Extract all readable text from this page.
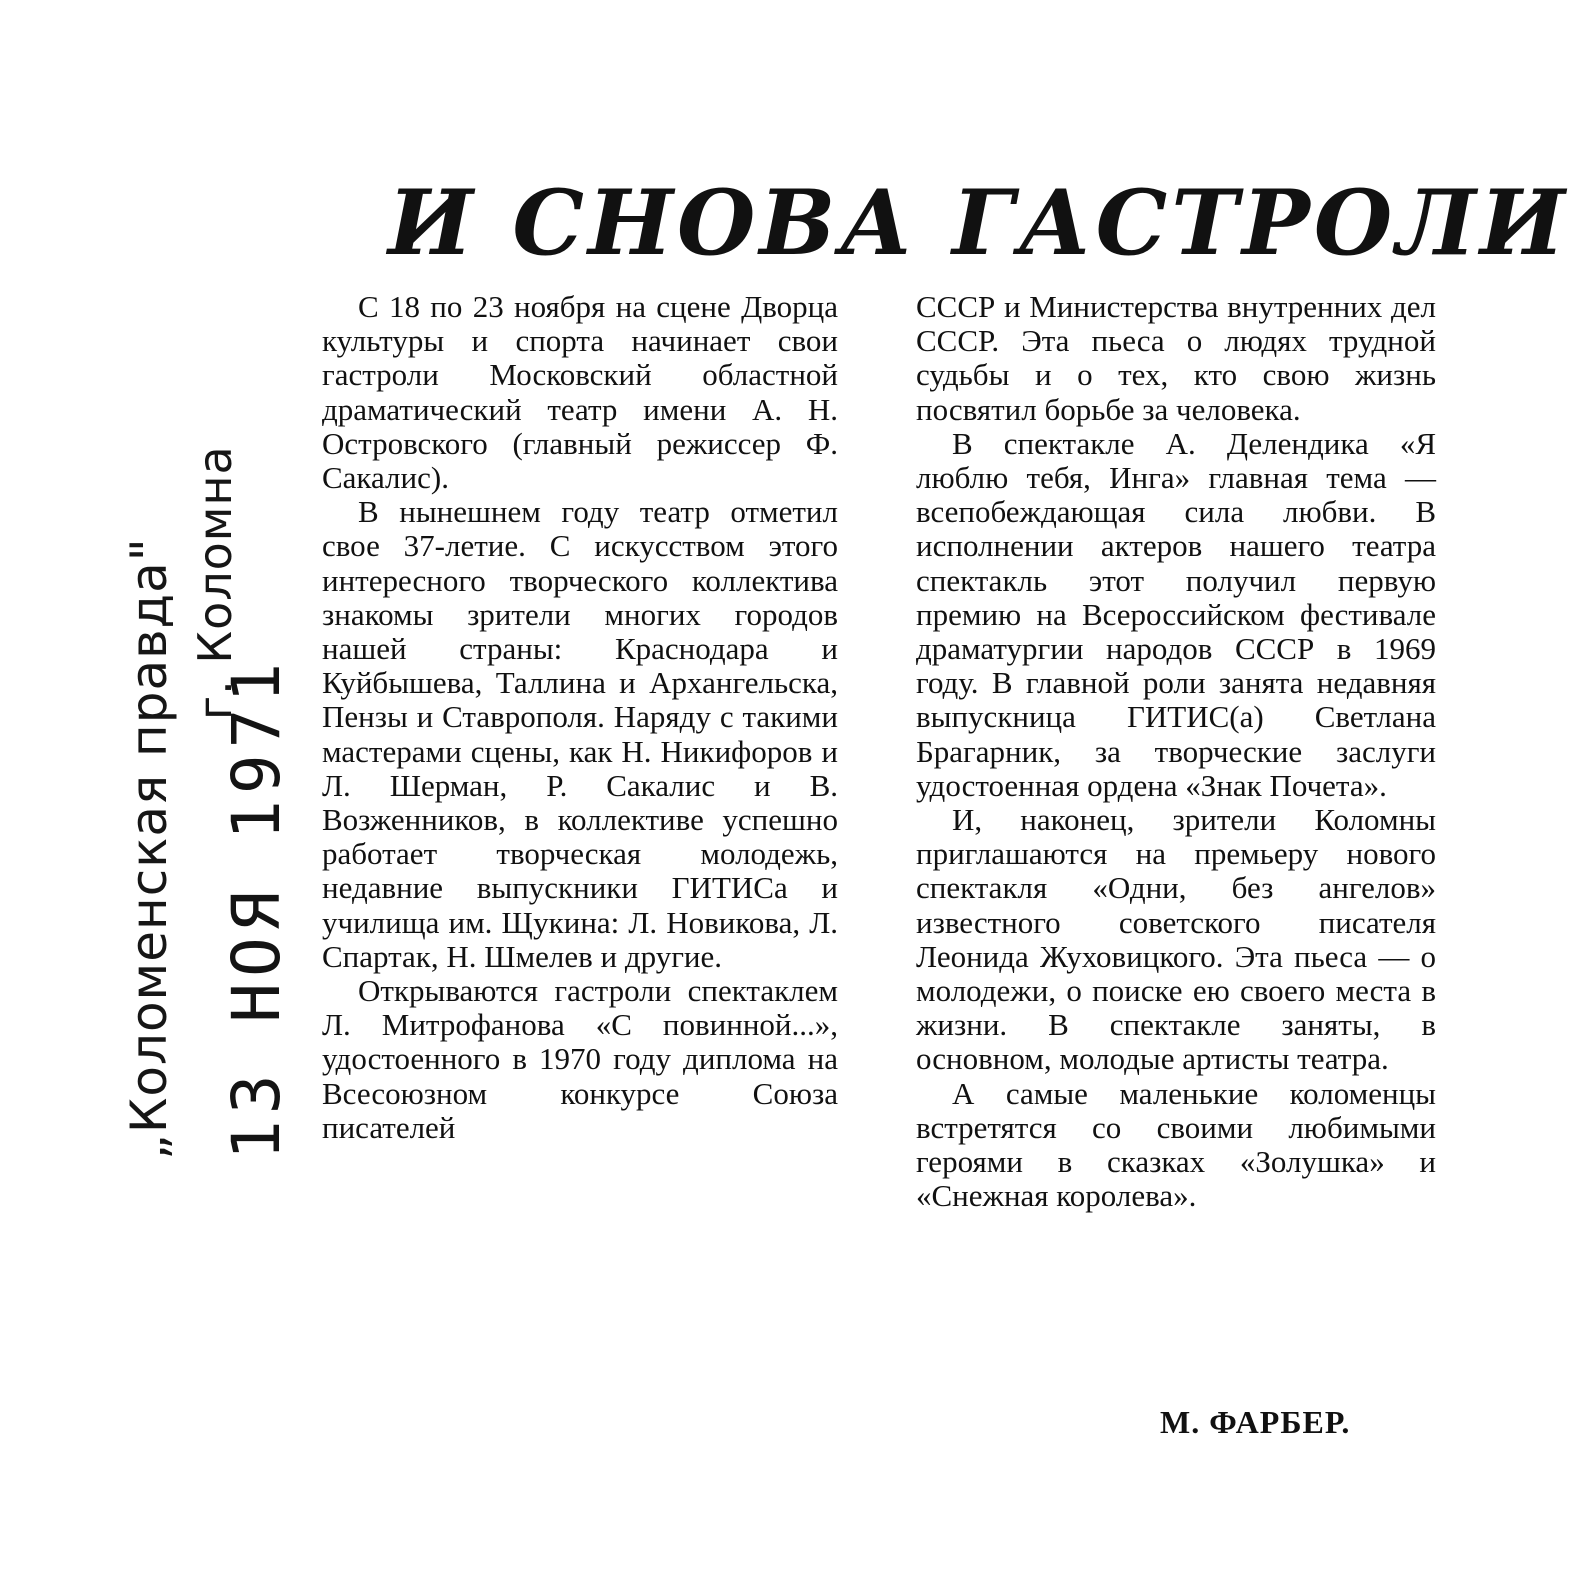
„Коломенская правда" г. Коломна
13 НОЯ 1971
И СНОВА ГАСТРОЛИ

С 18 по 23 ноября на сцене Дворца культуры и спорта начинает свои гастроли Московский областной драматический театр имени А. Н. Островского (главный режиссер Ф. Сакалис).

В нынешнем году театр отметил свое 37-летие. С искусством этого интересного творческого коллектива знакомы зрители многих городов нашей страны: Краснодара и Куйбышева, Таллина и Архангельска, Пензы и Ставрополя. Наряду с такими мастерами сцены, как Н. Никифоров и Л. Шерман, Р. Сакалис и В. Возженников, в коллективе успешно работает творческая молодежь, недавние выпускники ГИТИСа и училища им. Щукина: Л. Новикова, Л. Спартак, Н. Шмелев и другие.

Открываются гастроли спектаклем Л. Митрофанова «С повинной...», удостоенного в 1970 году диплома на Всесоюзном конкурсе Союза писателей

СССР и Министерства внутренних дел СССР. Эта пьеса о людях трудной судьбы и о тех, кто свою жизнь посвятил борьбе за человека.

В спектакле А. Делендика «Я люблю тебя, Инга» главная тема — всепобеждающая сила любви. В исполнении актеров нашего театра спектакль этот получил первую премию на Всероссийском фестивале драматургии народов СССР в 1969 году. В главной роли занята недавняя выпускница ГИТИС(а) Светлана Брагарник, за творческие заслуги удостоенная ордена «Знак Почета».

И, наконец, зрители Коломны приглашаются на премьеру нового спектакля «Одни, без ангелов» известного советского писателя Леонида Жуховицкого. Эта пьеса — о молодежи, о поиске ею своего места в жизни. В спектакле заняты, в основном, молодые артисты театра.

А самые маленькие коломенцы встретятся со своими любимыми героями в сказках «Золушка» и «Снежная королева».

М. ФАРБЕР.
